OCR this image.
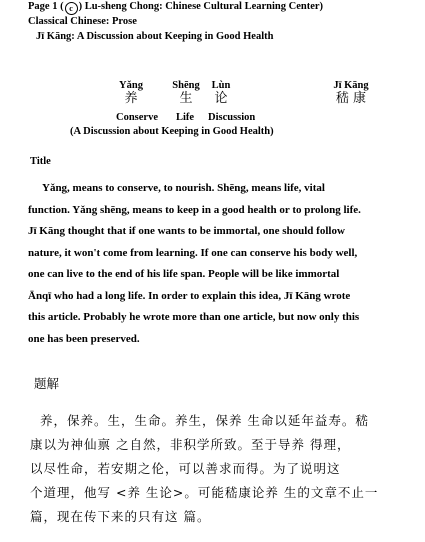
Page 1 ( c ) Lu-sheng Chong: Chinese Cultural Learning Center)
Classical Chinese: Prose
Jī Kāng: A Discussion about Keeping in Good Health
Yǎng
养
Shēng
生
Lùn
论
Conserve Life Discussion
(A Discussion about Keeping in Good Health)
Jī Kāng
嵇 康
Title
Yǎng, means to conserve, to nourish. Shēng, means life, vital
function. Yǎng shēng, means to keep in a good health or to prolong life.
Jī Kāng thought that if one wants to be immortal, one should follow
nature, it won't come from learning. If one can conserve his body well,
one can live to the end of his life span. People will be like immortal
Ānqī who had a long life. In order to explain this idea, Jī Kāng wrote
this article. Probably he wrote more than one article, but now only this
one has been preserved.
题解
养，保养。生，生命。养生，保养 生命以延年益寿。嵇
康以为神仙禀 之自然，非积学所致。至于导养 得理，
以尽性命，若安期之伦，可以善求而得。为了说明这
个道理，他写 <养 生论>。可能嵇康论养 生的文章不止一
篇，现在传下来的只有这 篇。
